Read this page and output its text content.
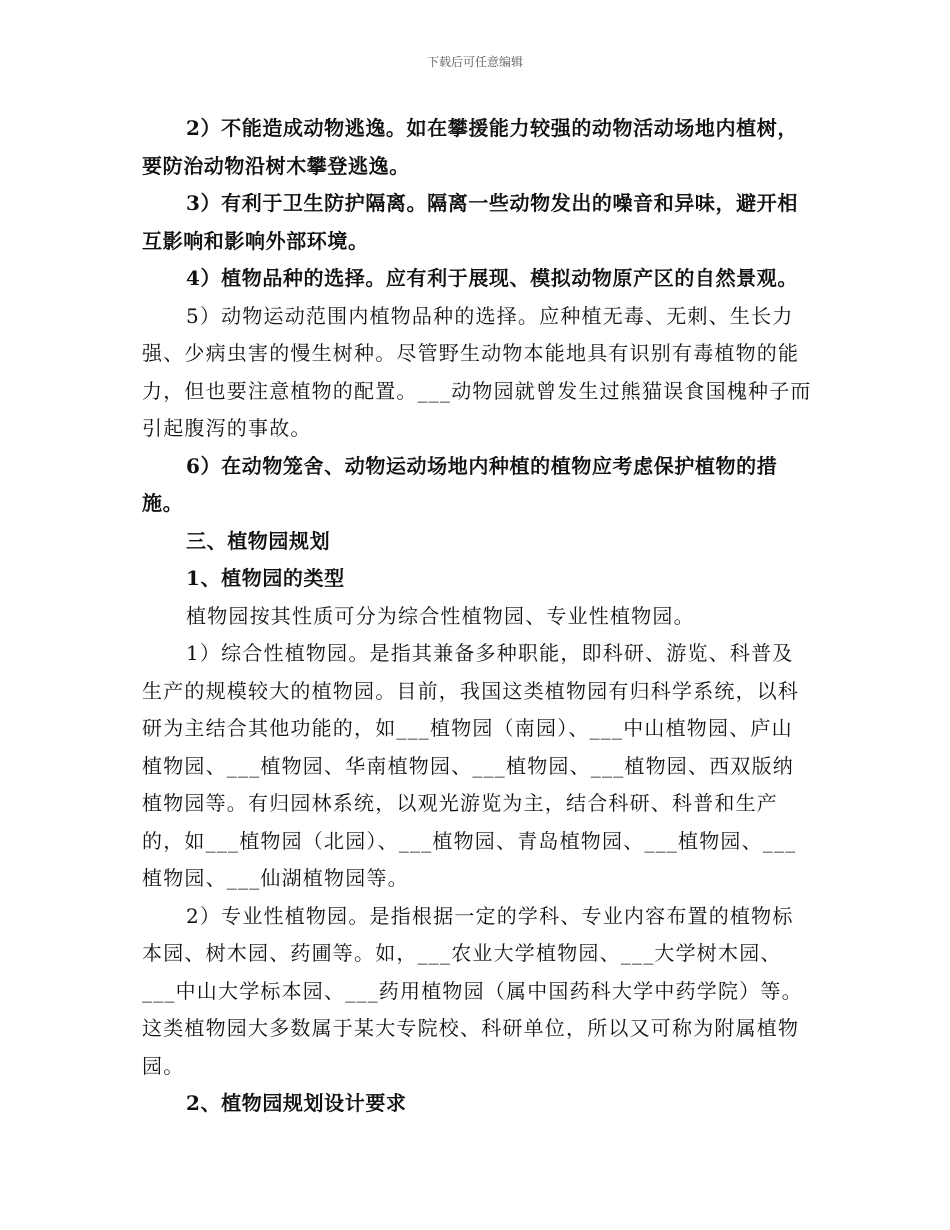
下载后可任意编辑

2）不能造成动物逃逸。如在攀援能力较强的动物活动场地内植树，要防治动物沿树木攀登逃逸。

3）有利于卫生防护隔离。隔离一些动物发出的噪音和异味，避开相互影响和影响外部环境。

4）植物品种的选择。应有利于展现、模拟动物原产区的自然景观。

5）动物运动范围内植物品种的选择。应种植无毒、无刺、生长力强、少病虫害的慢生树种。尽管野生动物本能地具有识别有毒植物的能力，但也要注意植物的配置。___动物园就曾发生过熊猫误食国槐种子而引起腹泻的事故。

6）在动物笼舍、动物运动场地内种植的植物应考虑保护植物的措施。

三、植物园规划

1、植物园的类型

植物园按其性质可分为综合性植物园、专业性植物园。

1）综合性植物园。是指其兼备多种职能，即科研、游览、科普及生产的规模较大的植物园。目前，我国这类植物园有归科学系统，以科研为主结合其他功能的，如___植物园（南园）、___中山植物园、庐山植物园、___植物园、华南植物园、___植物园、___植物园、西双版纳植物园等。有归园林系统，以观光游览为主，结合科研、科普和生产的，如___植物园（北园）、___植物园、青岛植物园、___植物园、___植物园、___仙湖植物园等。

2）专业性植物园。是指根据一定的学科、专业内容布置的植物标本园、树木园、药圃等。如，___农业大学植物园、___大学树木园、___中山大学标本园、___药用植物园（属中国药科大学中药学院）等。这类植物园大多数属于某大专院校、科研单位，所以又可称为附属植物园。

2、植物园规划设计要求
